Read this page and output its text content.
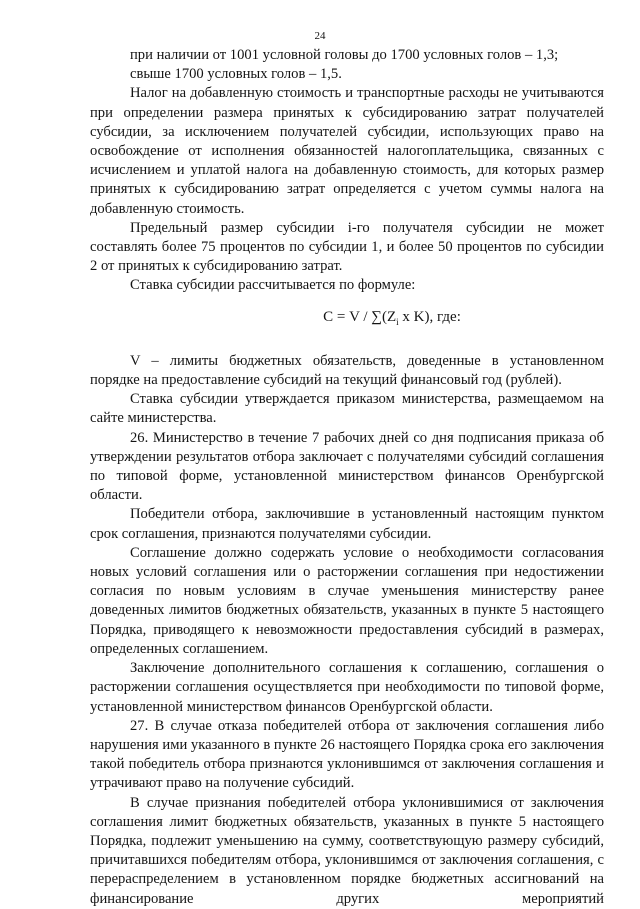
24

при наличии от 1001 условной головы до 1700 условных голов – 1,3;

свыше 1700 условных голов – 1,5.

Налог на добавленную стоимость и транспортные расходы не учитываются при определении размера принятых к субсидированию затрат получателей субсидии, за исключением получателей субсидии, использующих право на освобождение от исполнения обязанностей налогоплательщика, связанных с исчислением и уплатой налога на добавленную стоимость, для которых размер принятых к субсидированию затрат определяется с учетом суммы налога на добавленную стоимость.

Предельный размер субсидии i-го получателя субсидии не может составлять более 75 процентов по субсидии 1, и более 50 процентов по субсидии 2 от принятых к субсидированию затрат.

Ставка субсидии рассчитывается по формуле:

$С = V / \sum(Z_i$ x K), где:

V – лимиты бюджетных обязательств, доведенные в установленном порядке на предоставление субсидий на текущий финансовый год (рублей).

Ставка субсидии утверждается приказом министерства, размещаемом на сайте министерства.

26. Министерство в течение 7 рабочих дней со дня подписания приказа об утверждении результатов отбора заключает с получателями субсидий соглашения по типовой форме, установленной министерством финансов Оренбургской области.

Победители отбора, заключившие в установленный настоящим пунктом срок соглашения, признаются получателями субсидии.

Соглашение должно содержать условие о необходимости согласования новых условий соглашения или о расторжении соглашения при недостижении согласия по новым условиям в случае уменьшения министерству ранее доведенных лимитов бюджетных обязательств, указанных в пункте 5 настоящего Порядка, приводящего к невозможности предоставления субсидий в размерах, определенных соглашением.

Заключение дополнительного соглашения к соглашению, соглашения о расторжении соглашения осуществляется при необходимости по типовой форме, установленной министерством финансов Оренбургской области.

27. В случае отказа победителей отбора от заключения соглашения либо нарушения ими указанного в пункте 26 настоящего Порядка срока его заключения такой победитель отбора признаются уклонившимся от заключения соглашения и утрачивают право на получение субсидий.

В случае признания победителей отбора уклонившимися от заключения соглашения лимит бюджетных обязательств, указанных в пункте 5 настоящего Порядка, подлежит уменьшению на сумму, соответствующую размеру субсидий, причитавшихся победителям отбора, уклонившимся от заключения соглашения, с перераспределением в установленном порядке бюджетных ассигнований на финансирование других мероприятий
